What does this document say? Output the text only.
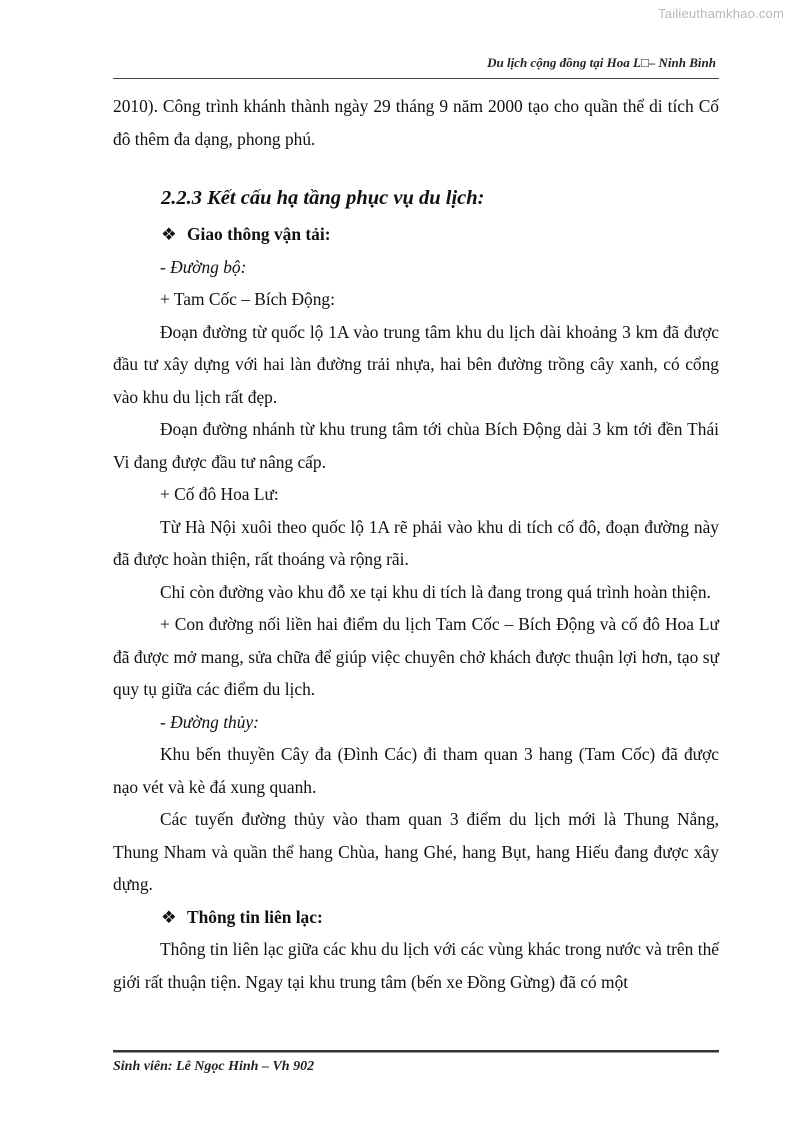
Tailieuthamkhao.com
Du lịch cộng đồng tại Hoa L□– Ninh Bình

2010). Công trình khánh thành ngày 29 tháng 9 năm 2000 tạo cho quần thể di tích Cố đô thêm đa dạng, phong phú.

2.2.3 Kết cấu hạ tầng phục vụ du lịch:
❖ Giao thông vận tải:

- Đường bộ:

+ Tam Cốc – Bích Động:

Đoạn đường từ quốc lộ 1A vào trung tâm khu du lịch dài khoảng 3 km đã được đầu tư xây dựng với hai làn đường trải nhựa, hai bên đường trồng cây xanh, có cổng vào khu du lịch rất đẹp.

Đoạn đường nhánh từ khu trung tâm tới chùa Bích Động dài 3 km tới đền Thái Vi đang được đầu tư nâng cấp.

+ Cố đô Hoa Lư:

Từ Hà Nội xuôi theo quốc lộ 1A rẽ phải vào khu di tích cố đô, đoạn đường này đã được hoàn thiện, rất thoáng và rộng rãi.

Chỉ còn đường vào khu đỗ xe tại khu di tích là đang trong quá trình hoàn thiện.

+ Con đường nối liền hai điểm du lịch Tam Cốc – Bích Động và cố đô Hoa Lư đã được mở mang, sửa chữa để giúp việc chuyên chở khách được thuận lợi hơn, tạo sự quy tụ giữa các điểm du lịch.

- Đường thủy:

Khu bến thuyền Cây đa (Đình Các) đi tham quan 3 hang (Tam Cốc) đã được nạo vét và kè đá xung quanh.

Các tuyến đường thủy vào tham quan 3 điểm du lịch mới là Thung Nắng, Thung Nham và quần thể hang Chùa, hang Ghé, hang Bụt, hang Hiếu đang được xây dựng.

❖ Thông tin liên lạc:

Thông tin liên lạc giữa các khu du lịch với các vùng khác trong nước và trên thế giới rất thuận tiện. Ngay tại khu trung tâm (bến xe Đồng Gừng) đã có một

Sinh viên: Lê Ngọc Hinh – Vh 902
